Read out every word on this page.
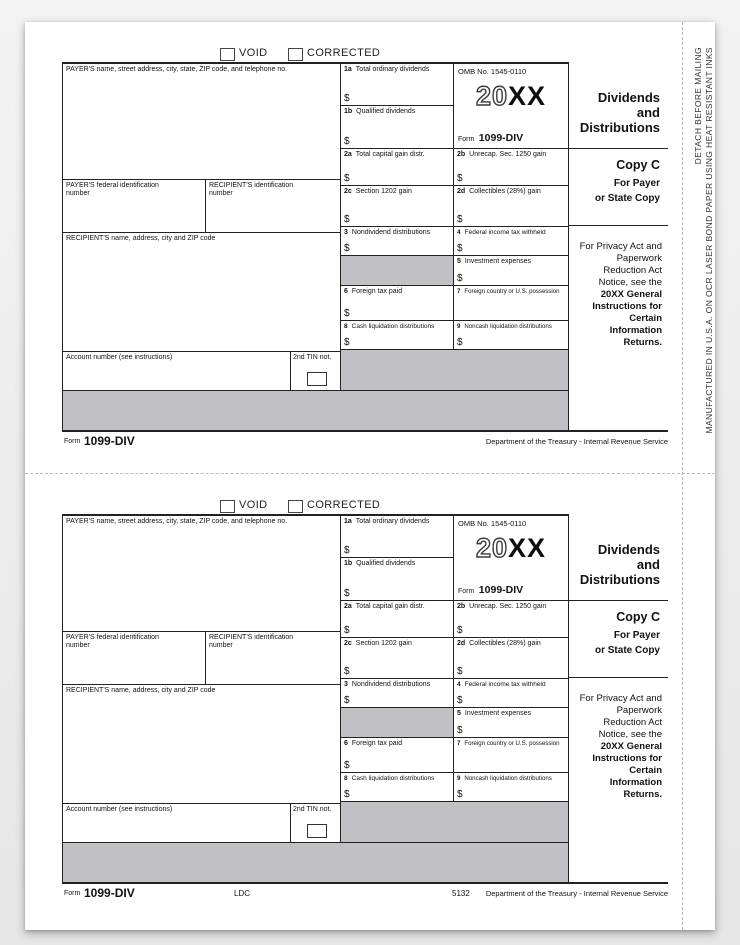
VOID	CORRECTED
PAYER'S name, street address, city, state, ZIP code, and telephone no.
PAYER'S federal identification number
RECIPIENT'S identification number
RECIPIENT'S name, address, city and ZIP code
Account number (see instructions)	2nd TIN not.
1a Total ordinary dividends
$
1b Qualified dividends
$
2a Total capital gain distr.
$
2c Section 1202 gain
$
3 Nondividend distributions
$
6 Foreign tax paid
$
8 Cash liquidation distributions
$
OMB No. 1545-0110
20XX
Form 1099-DIV
2b Unrecap. Sec. 1250 gain
$
2d Collectibles (28%) gain
$
4 Federal income tax withheld
$
5 Investment expenses
$
7 Foreign country or U.S. possession
9 Noncash liquidation distributions
$
Dividends and
Distributions
Copy C
For Payer
or State Copy
For Privacy Act and Paperwork Reduction Act Notice, see the 20XX General Instructions for Certain Information Returns.
Form 1099-DIV	Department of the Treasury - Internal Revenue Service
VOID	CORRECTED
PAYER'S name, street address, city, state, ZIP code, and telephone no.
PAYER'S federal identification number
RECIPIENT'S identification number
RECIPIENT'S name, address, city and ZIP code
Account number (see instructions)	2nd TIN not.
1a Total ordinary dividends
$
1b Qualified dividends
$
2a Total capital gain distr.
$
2c Section 1202 gain
$
3 Nondividend distributions
$
6 Foreign tax paid
$
8 Cash liquidation distributions
$
OMB No. 1545-0110
20XX
Form 1099-DIV
2b Unrecap. Sec. 1250 gain
$
2d Collectibles (28%) gain
$
4 Federal income tax withheld
$
5 Investment expenses
$
7 Foreign country or U.S. possession
9 Noncash liquidation distributions
$
Dividends and
Distributions
Copy C
For Payer
or State Copy
For Privacy Act and Paperwork Reduction Act Notice, see the 20XX General Instructions for Certain Information Returns.
Form 1099-DIV	LDC	5132 Department of the Treasury - Internal Revenue Service
DETACH BEFORE MAILING MANUFACTURED IN U.S.A. ON OCR LASER BOND PAPER USING HEAT RESISTANT INKS
